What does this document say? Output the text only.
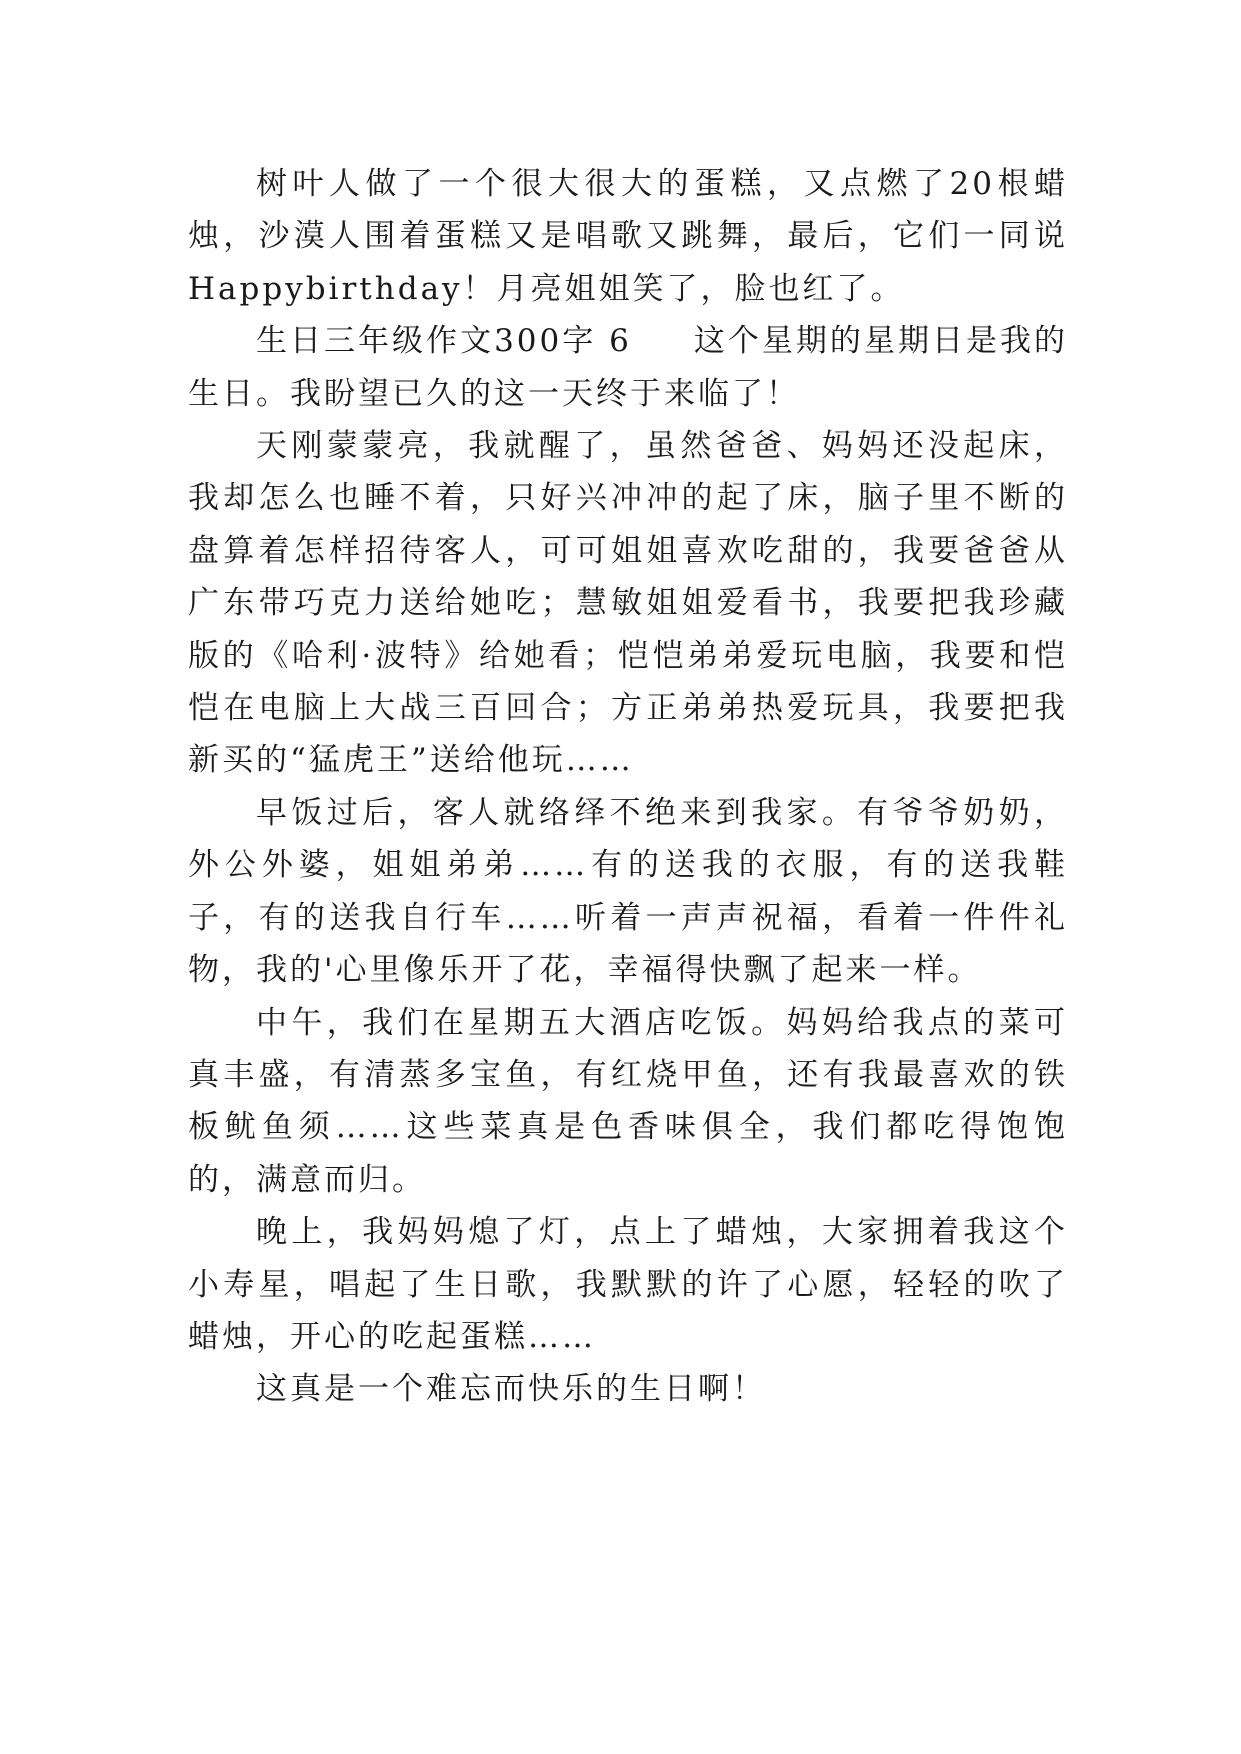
树叶人做了一个很大很大的蛋糕，又点燃了20根蜡烛，沙漠人围着蛋糕又是唱歌又跳舞，最后，它们一同说Happybirthday！月亮姐姐笑了，脸也红了。

生日三年级作文300字 6 这个星期的星期日是我的生日。我盼望已久的这一天终于来临了！

天刚蒙蒙亮，我就醒了，虽然爸爸、妈妈还没起床，我却怎么也睡不着，只好兴冲冲的起了床，脑子里不断的盘算着怎样招待客人，可可姐姐喜欢吃甜的，我要爸爸从广东带巧克力送给她吃；慧敏姐姐爱看书，我要把我珍藏版的《哈利·波特》给她看；恺恺弟弟爱玩电脑，我要和恺恺在电脑上大战三百回合；方正弟弟热爱玩具，我要把我新买的“猛虎王”送给他玩……

早饭过后，客人就络绎不绝来到我家。有爷爷奶奶，外公外婆，姐姐弟弟……有的送我的衣服，有的送我鞋子，有的送我自行车……听着一声声祝福，看着一件件礼物，我的'心里像乐开了花，幸福得快飘了起来一样。

中午，我们在星期五大酒店吃饭。妈妈给我点的菜可真丰盛，有清蒸多宝鱼，有红烧甲鱼，还有我最喜欢的铁板鱿鱼须……这些菜真是色香味俱全，我们都吃得饱饱的，满意而归。

晚上，我妈妈熄了灯，点上了蜡烛，大家拥着我这个小寿星，唱起了生日歌，我默默的许了心愿，轻轻的吹了蜡烛，开心的吃起蛋糕……

这真是一个难忘而快乐的生日啊！
